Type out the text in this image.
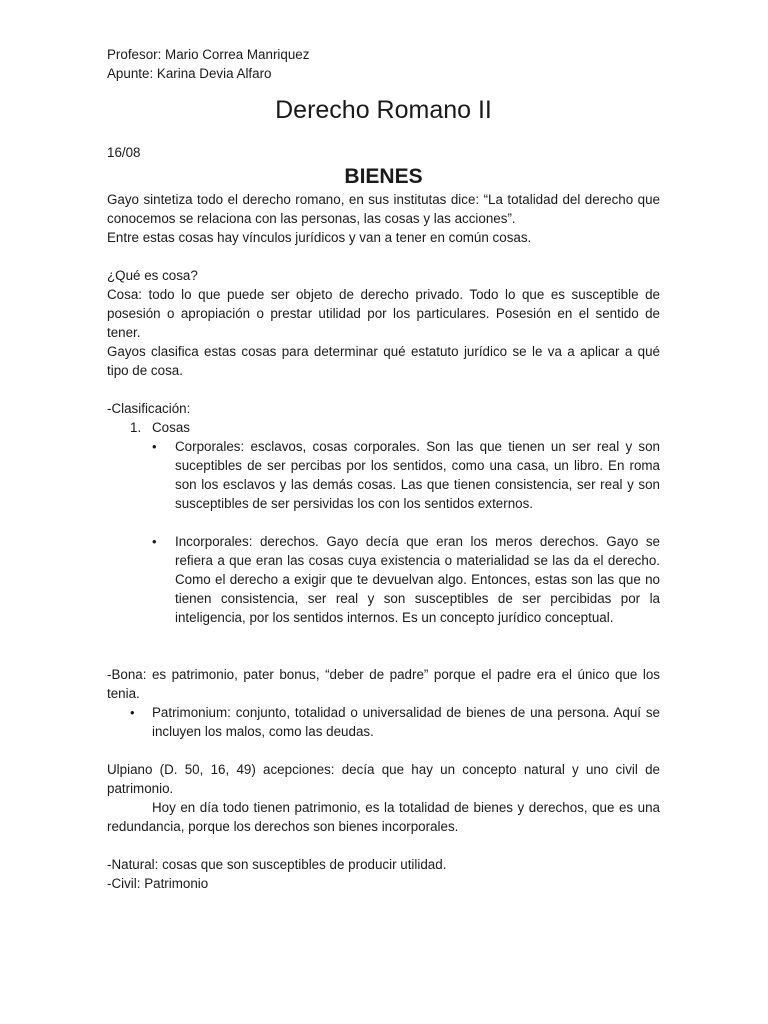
Profesor: Mario Correa Manriquez

Apunte: Karina Devia Alfaro

Derecho Romano II

16/08

BIENES

Gayo sintetiza todo el derecho romano, en sus institutas dice: “La totalidad del derecho que conocemos se relaciona con las personas, las cosas y las acciones”.

Entre estas cosas hay vínculos jurídicos y van a tener en común cosas.

¿Qué es cosa?

Cosa: todo lo que puede ser objeto de derecho privado. Todo lo que es susceptible de posesión o apropiación o prestar utilidad por los particulares. Posesión en el sentido de tener.

Gayos clasifica estas cosas para determinar qué estatuto jurídico se le va a aplicar a qué tipo de cosa.

-Clasificación:

1. Cosas

• Corporales: esclavos, cosas corporales. Son las que tienen un ser real y son suceptibles de ser percibas por los sentidos, como una casa, un libro. En roma son los esclavos y las demás cosas. Las que tienen consistencia, ser real y son susceptibles de ser persividas los con los sentidos externos.
• Incorporales: derechos. Gayo decía que eran los meros derechos. Gayo se refiera a que eran las cosas cuya existencia o materialidad se las da el derecho. Como el derecho a exigir que te devuelvan algo. Entonces, estas son las que no tienen consistencia, ser real y son susceptibles de ser percibidas por la inteligencia, por los sentidos internos. Es un concepto jurídico conceptual.

-Bona: es patrimonio, pater bonus, “deber de padre” porque el padre era el único que los tenia.

• Patrimonium: conjunto, totalidad o universalidad de bienes de una persona. Aquí se incluyen los malos, como las deudas.

Ulpiano (D. 50, 16, 49) acepciones: decía que hay un concepto natural y uno civil de patrimonio.

Hoy en día todo tienen patrimonio, es la totalidad de bienes y derechos, que es una redundancia, porque los derechos son bienes incorporales.

-Natural: cosas que son susceptibles de producir utilidad.

-Civil: Patrimonio
